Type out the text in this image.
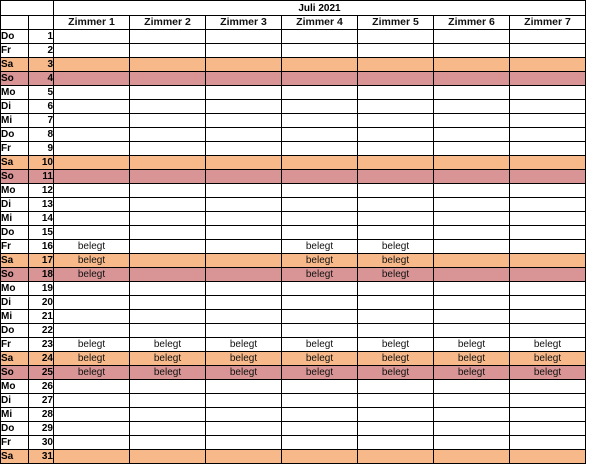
		Juli 2021						
		Zimmer 1	Zimmer 2	Zimmer 3	Zimmer 4	Zimmer 5	Zimmer 6	Zimmer 7
Do	1							
Fr	2							
Sa	3							
So	4							
Mo	5							
Di	6							
Mi	7							
Do	8							
Fr	9							
Sa	10							
So	11							
Mo	12							
Di	13							
Mi	14							
Do	15							
Fr	16	belegt			belegt	belegt		
Sa	17	belegt			belegt	belegt		
So	18	belegt			belegt	belegt		
Mo	19							
Di	20							
Mi	21							
Do	22							
Fr	23	belegt	belegt	belegt	belegt	belegt	belegt	belegt
Sa	24	belegt	belegt	belegt	belegt	belegt	belegt	belegt
So	25	belegt	belegt	belegt	belegt	belegt	belegt	belegt
Mo	26							
Di	27							
Mi	28							
Do	29							
Fr	30							
Sa	31							
